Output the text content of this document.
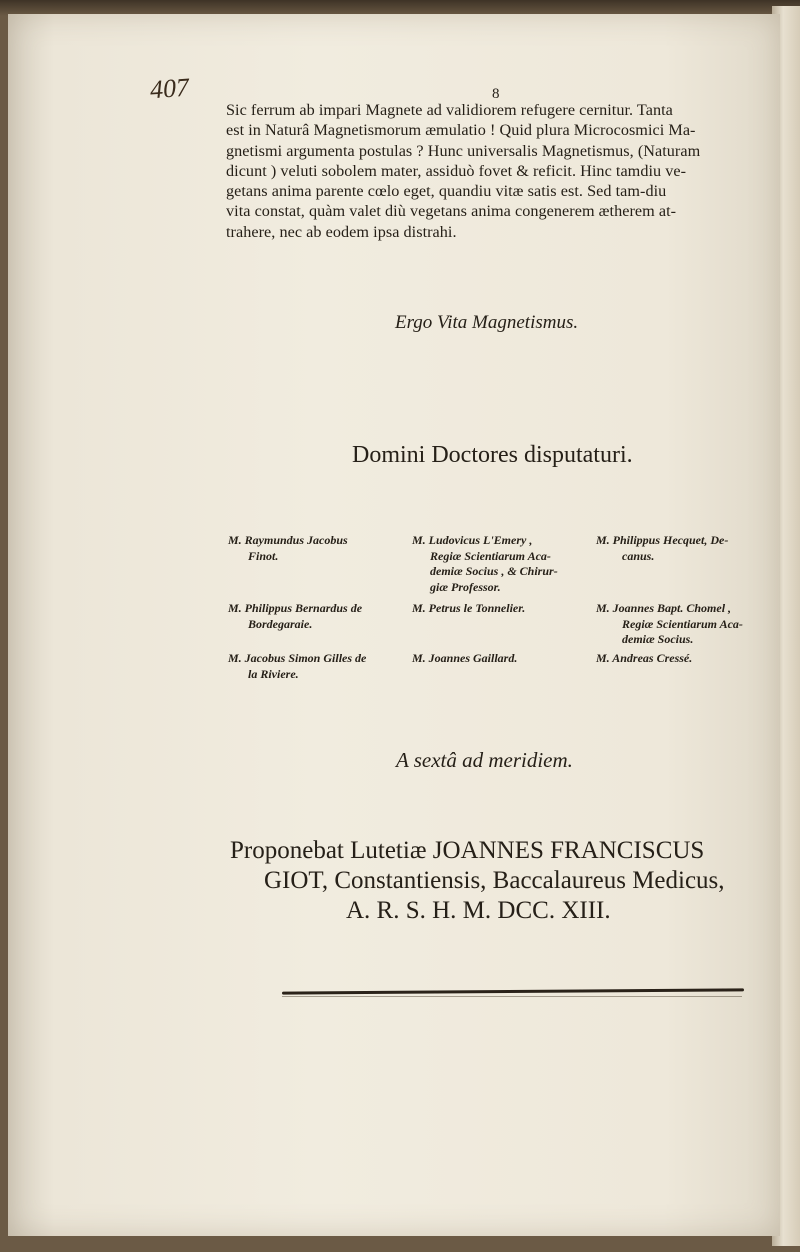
407	8
Sic ferrum ab impari Magnete ad validiorem refugere cernitur. Tanta
est in Naturâ Magnetismorum æmulatio ! Quid plura Microcosmici Ma-
gnetismi argumenta postulas ? Hunc universalis Magnetismus, (Naturam
dicunt ) veluti sobolem mater, assiduò fovet & reficit. Hinc tamdiu ve-
getans anima parente cœlo eget, quandiu vitæ satis est. Sed tam-diu
vita constat, quàm valet diù vegetans anima congenerem ætherem at-
trahere, nec ab eodem ipsa distrahi.
Ergo Vita Magnetismus.
Domini Doctores disputaturi.
M. Raymundus Jacobus
Finot.
M. Philippus Bernardus de
Bordegaraie.
M. Jacobus Simon Gilles de
la Riviere.
M. Ludovicus L'Emery ,
Regiæ Scientiarum Aca-
demiæ Socius , & Chirur-
giæ Professor.
M. Petrus le Tonnelier.
M. Joannes Gaillard.
M. Philippus Hecquet, De-
canus.
M. Joannes Bapt. Chomel ,
Regiæ Scientiarum Aca-
demiæ Socius.
M. Andreas Cressé.
A sextâ ad meridiem.
Proponebat Lutetiæ JOANNES FRANCISCUS
GIOT, Constantiensis, Baccalaureus Medicus,
A. R. S. H. M. DCC. XIII.
